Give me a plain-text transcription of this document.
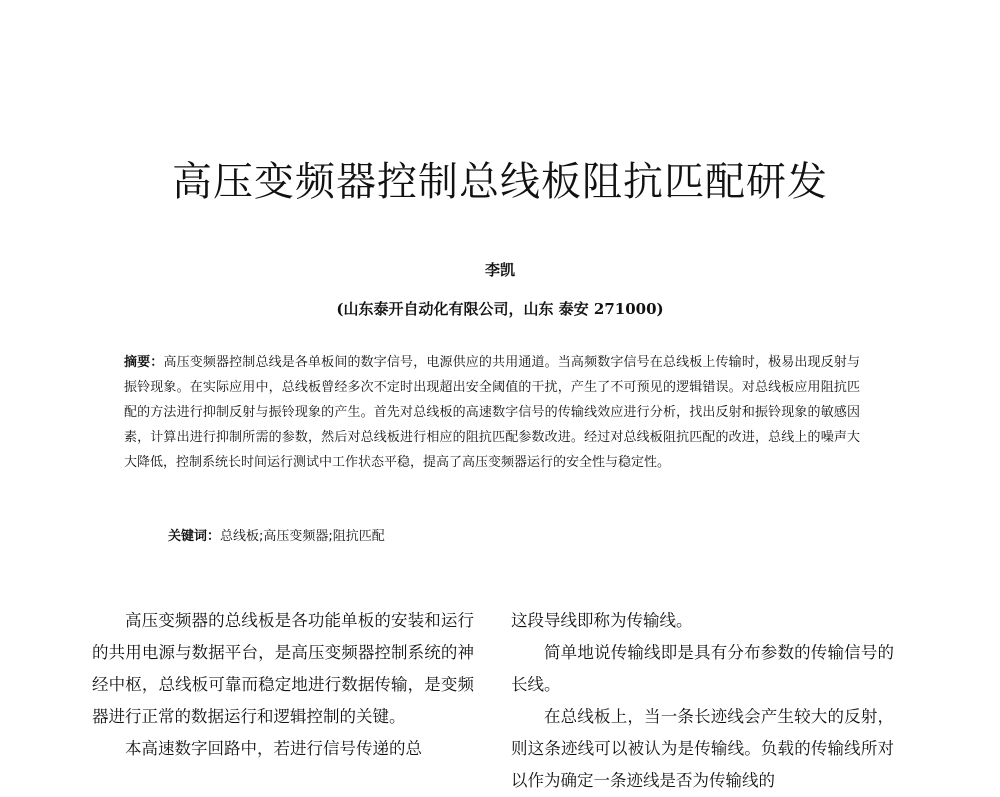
高压变频器控制总线板阻抗匹配研发
李凯
(山东泰开自动化有限公司，山东 泰安 271000)

摘要：高压变频器控制总线是各单板间的数字信号，电源供应的共用通道。当高频数字信号在总线板上传输时，极易出现反射与振铃现象。在实际应用中，总线板曾经多次不定时出现超出安全阈值的干扰，产生了不可预见的逻辑错误。对总线板应用阻抗匹配的方法进行抑制反射与振铃现象的产生。首先对总线板的高速数字信号的传输线效应进行分析，找出反射和振铃现象的敏感因素，计算出进行抑制所需的参数，然后对总线板进行相应的阻抗匹配参数改进。经过对总线板阻抗匹配的改进，总线上的噪声大大降低，控制系统长时间运行测试中工作状态平稳，提高了高压变频器运行的安全性与稳定性。

关键词：总线板;高压变频器;阻抗匹配

高压变频器的总线板是各功能单板的安装和运行的共用电源与数据平台，是高压变频器控制系统的神经中枢，总线板可靠而稳定地进行数据传输，是变频器进行正常的数据运行和逻辑控制的关键。

本高速数字回路中，若进行信号传递的总

这段导线即称为传输线。

简单地说传输线即是具有分布参数的传输信号的长线。

在总线板上，当一条长迹线会产生较大的反射，则这条迹线可以被认为是传输线。负载的传输线所对以作为确定一条迹线是否为传输线的
